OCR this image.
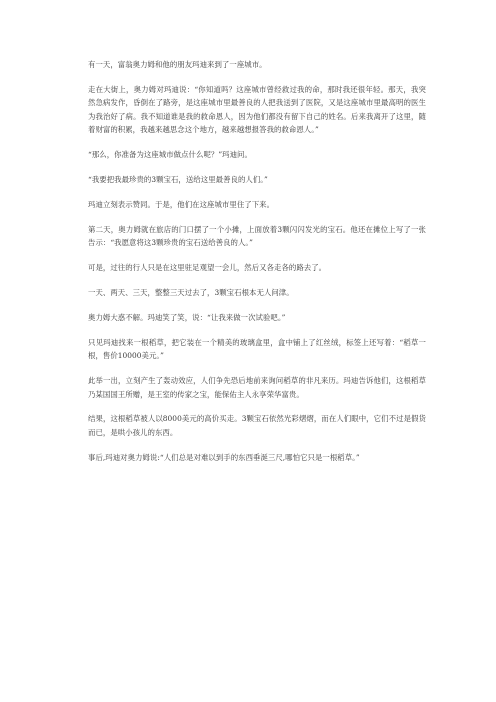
有一天，富翁奥力姆和他的朋友玛迪来到了一座城市。

走在大街上，奥力姆对玛迪说：“你知道吗？这座城市曾经救过我的命，那时我还很年轻。那天，我突然急病发作，昏倒在了路旁，是这座城市里最善良的人把我送到了医院，又是这座城市里最高明的医生为我治好了病。我不知道谁是我的救命恩人，因为他们都没有留下自己的姓名。后来我离开了这里，随着财富的积累，我越来越思念这个地方，越来越想报答我的救命恩人。”

“那么，你准备为这座城市做点什么呢？”玛迪问。

“我要把我最珍贵的3颗宝石，送给这里最善良的人们。”

玛迪立刻表示赞同。于是，他们在这座城市里住了下来。

第二天，奥力姆就在旅店的门口摆了一个小摊，上面放着3颗闪闪发光的宝石。他还在摊位上写了一张告示：“我愿意将这3颗珍贵的宝石送给善良的人。”

可是，过往的行人只是在这里驻足观望一会儿，然后又各走各的路去了。

一天、两天、三天，整整三天过去了，3颗宝石根本无人问津。

奥力姆大惑不解。玛迪笑了笑，说：“让我来做一次试验吧。”

只见玛迪找来一根稻草，把它装在一个精美的玻璃盒里，盒中铺上了红丝绒，标签上还写着：“稻草一根，售价10000美元。”

此举一出，立刻产生了轰动效应，人们争先恐后地前来询问稻草的非凡来历。玛迪告诉他们，这根稻草乃某国国王所赠，是王室的传家之宝，能保佑主人永享荣华富贵。

结果，这根稻草被人以8000美元的高价买走。3颗宝石依然光彩熠熠，而在人们眼中，它们不过是假货而已，是哄小孩儿的东西。

事后,玛迪对奥力姆说:“人们总是对难以到手的东西垂涎三尺,哪怕它只是一根稻草。”
